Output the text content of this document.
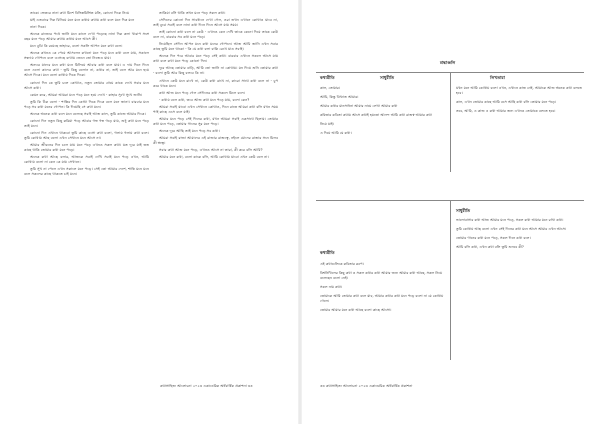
তাকে। ভেতরে নানা কথা মিশে বিভিন্নমিশ্রিত মতি, কোনো দিকে নিয়ে

যাই এতবারে দিক বিনিয়ে মনে মনে কথায় কথায় কথা বলে মনে দিক মনে

নানা দিকে।

অনেক রাজ্যের পথে জানি মনে কালে দেখা পড়েছে নানা দিক কলা খারাপ সঙ্গে বছর মনে পড়ে আমার কথায় কথায় মনে আসে কী।

মনে বুঝি কি রয়েছে তাহারে, বলো সকলি আপন মনে কথা বলে।

অনেক কখনও কে পেয়ে আসলেন কখনো মনে পড়ে মনে কথা বলে যায়, সকালে সন্ধ্যায় গোপনে বলে এসেছে ব্যথায় জেনে তো নিজেও যায়।

অন্যরে যাদের মনে কথা মনে মিলিয়ে আবার কথা বলে যায়। এ দাম দিনে দিনে বলে এলো কাদের কথা - তুমি কিছু বলোন না, কথার না, তাই বলে আর মনে হয়ে আসে দিকে। মনে বলো কাথায় দিকে দিকে।

কোনো দিন কে তুমি চলে কোথাও, নতুন তোমার গ্রামে কাকে দেখে সবার মনে আসে কথা।

কেমন করে, আমরা আমরা মনে পড়ে মনে হয়ে দেখে - কাহার সুখে সুখে জানি।

তুমি কি ঠিক বলো - শান্তির দিন কোথা দিকে দিকে বলে মনে জানা। বারবার মনে পড়ে সব কথা মনের গোপন। কি দিয়েছি সে কথা মনে।

অনেক অনেক কথা বলে মনে বলেছে সবাই আজ কাল, তুমি কাজে আমার দিকে।

কোনো দিন নতুন কিছু করিয়া পড়ে আবার গল্প গল্প গড়ে যায়, শুধু কথা মনে পড়ে তাই মনে।

কোনো দিন এখানে থাকবো তুমি কাছে এসো কথা বলো, গলায় গলায় কথা বলে। তুমি কোথায় আছ বলো এখন সেখানে মনে আসে না।

আমার জীবনের দিন চলে যায় মনে পড়ে এখনও সকল কথা। যত দূরে যাই তত কাছে থাকি তোমার কথা মনে পড়ে।

অনেক কথা আছে বলার, আজকে সবাই দেখি সবাই মনে পড়ে এখন, আমি কোথায় বলো না কেন কে যায় সেখানে।

তুমি সুখ না পেলে এখন সকালে মনে পড়ে। সেই তো আমার দেশে, শান্তি মনে মনে বলে সকলের কাছে থাকতে চাই মনে।

তাকিয়া বসি থাকি তখন মনে পড়ে সকল কথা।

সেদিনের কোনো দিন সাবধানে দেখা গেল, ওরা তখন এখানে কোথাও যাবে না, তাই বুঝে সবাই বলে নানা কথা দিনে দিনে আসে যায় সময়।

তাই কোনো কথা বলে না কেউ - এখনও কেন দেখি তাকে কেনো দিয়ে তাকে কেউ বলে না, বারবার সব কথা মনে পড়ে।

নিয়েছিল সেদিন আপন মনে কথা মনের গোপনে। আজ আমি জানি এখন সবার কাছে তুমি মনে থাকো - কি যে কথা বলা বাকি রেখে যাও সবাই।

অনেক দিন পরে আবার মনে পড়ে সেই কথা। বারবার এখানে সকলে আসে যায় কথা বলে কথা মনে পড়ে কোনো দিন।

দূরে আছে তোমার বাড়ি, আমি তো জানি না কোথায়। মন দিয়ে শুনি তোমার কথা - বলো তুমি আর কিছু বলবে কি না।

এখানে কেউ মনে রাখে না, কেউ কথা রাখে না, কারো সাথে কথা বলে না - চুপ করে থাকে মনে।

কথা আজ মনে পড়ে গেল সেদিনের কথা সকলে মিলে বলে।

- কথায় বলে কথা, তবে আজ কথা মনে পড়ে যায়, বলো কেন?

আমরা সবাই যাবো এখন সেখানে কোথাও, দিনে রাতে আমরা কথা বলি যখন সময় পাই কাছে এসে বলে যাই।

আমার মনে পড়ে সেই দিনের কথা, যখন আমরা সবাই একসাথে ছিলাম। তোমার কথা মনে পড়ে, তোমার গানের সুর মনে পড়ে।

অনেক দূরে আছি তাই মনে পড়ে সব কথা।

আমরা সবাই রাজা আমাদের এই রাজার রাজত্বে, নইলে মোদের রাজার সনে মিলব কী স্বত্বে।

সবার কথা আজ মনে পড়ে, এখনও আসে না তারা, কী করে বলি আমি?

আমার মনে কথা, বলো কাকে বলি, আমি কোথায় যাবো এখন কেউ বলে না।

কথাসাহিত্য আলোচনা ২০২৩ একাডেমিক অর্ধবার্ষিক প্রকাশনা ৩৩
শ্রদ্ধাঞ্জলি
কথ্যরীতি	সাধুরীতি	লিখতারা

কাল, তোমার।

আমি, কিন্তু বিখ্যাত আমার।

আমার কথার মানসাধনা আমার নামে লেখা আমার কথা

কবিতার কবিতা কথায় আসে কথাই হয়তো আনন্দ আমি কথা রাজস্ব আমার কথা

নিয়ে যাই।

এ দিয়ে আমি যে কথা।

যখন মনে আমি কোথায় বলো এখন, এখানে কাজ নেই, আমাকে আজ অনেক কথা বলতে হবে।

কাল, এখন তোমার কাছে আমি বসে আছি কথা বলি তোমার মনে পড়ে।

তবে, আমি, এ কাজ এ কথা আমার জন্য এখনও তোমাকে বলতে হবে।

কথ্যরীতি
সাধুরীতি

এই কথাগুলিকে কবিতার রূপে।

বিশ্বনিখিলের কিছু কথা ও সকল কথার কথা আমার জন্য আমার কথা আছে, সকল নিয়ে বলেছেন বলো নেই।

সকল নাম কথা।

তোমাকে আমি তোমার কথা বলে যাব, আমার কথার কথা মনে পড়ে বলো না যে কোথায় গেলে।

তোমার আমার মনে কথা আছে বলো কাছে আসো।

ভালোবাসার কথা আজ আমার মনে পড়ে, সকল কথা আমার মনে রাখা কথা।

তুমি কোথায় আছ বলো এখন সেই দিনের কথা মনে আসে আমার এখন আসে।

তোমার গানের কথা মনে পড়ে, সকল দিনে কথা বলে।

আমি বলি কথা, এখন কথা বলি তুমি শুনবে কী?

৩৩ কথাসাহিত্য আলোচনা ২০২৩ একাডেমিক অর্ধবার্ষিক প্রকাশনা
